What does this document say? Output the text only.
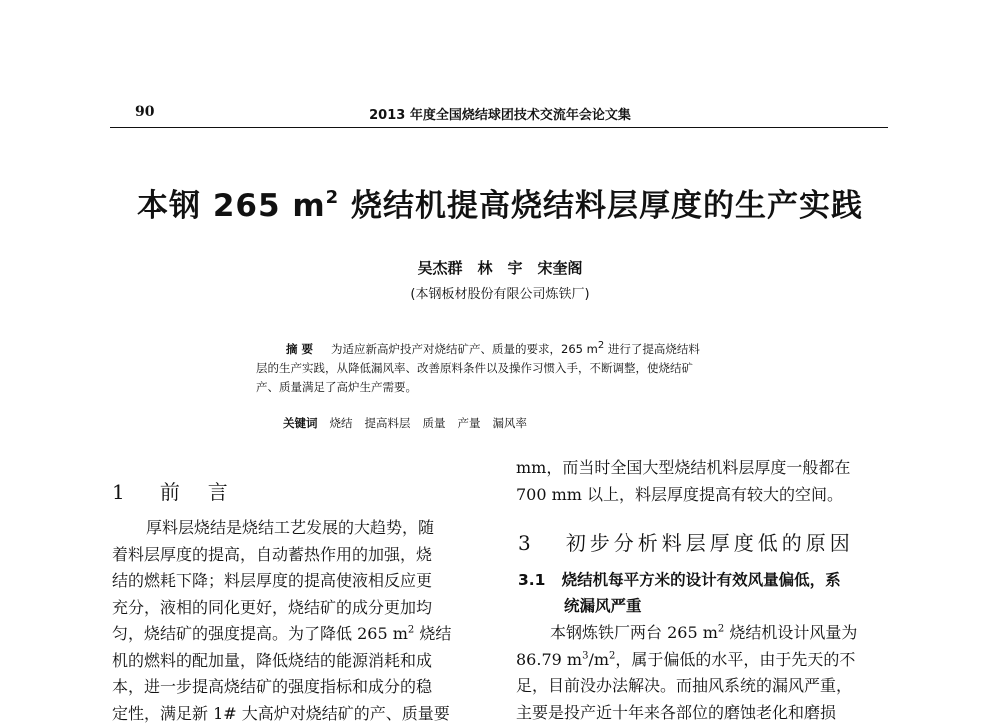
90	2013 年度全国烧结球团技术交流年会论文集
本钢 265 $m^2$ 烧结机提高烧结料层厚度的生产实践
吴杰群　林　宇　宋奎阁
(本钢板材股份有限公司炼铁厂)
摘要 为适应新高炉投产对烧结矿产、质量的要求，265 $m^2$ 进行了提高烧结料
层的生产实践，从降低漏风率、改善原料条件以及操作习惯入手，不断调整，使烧结矿
产、质量满足了高炉生产需要。
关键词 烧结 提高料层 质量 产量 漏风率
1 前　言
厚料层烧结是烧结工艺发展的大趋势，随
着料层厚度的提高，自动蓄热作用的加强，烧
结的燃耗下降；料层厚度的提高使液相反应更
充分，液相的同化更好，烧结矿的成分更加均
匀，烧结矿的强度提高。为了降低 265 $m^2$ 烧结
机的燃料的配加量，降低烧结的能源消耗和成
本，进一步提高烧结矿的强度指标和成分的稳
定性，满足新 1# 大高炉对烧结矿的产、质量要
mm，而当时全国大型烧结机料层厚度一般都在
700 mm 以上，料层厚度提高有较大的空间。
3 初步分析料层厚度低的原因
3.1 烧结机每平方米的设计有效风量偏低，系
统漏风严重
本钢炼铁厂两台 265 $m^2$ 烧结机设计风量为
86.79 $m^3/m^2$，属于偏低的水平，由于先天的不
足，目前没办法解决。而抽风系统的漏风严重，
主要是投产近十年来各部位的磨蚀老化和磨损
